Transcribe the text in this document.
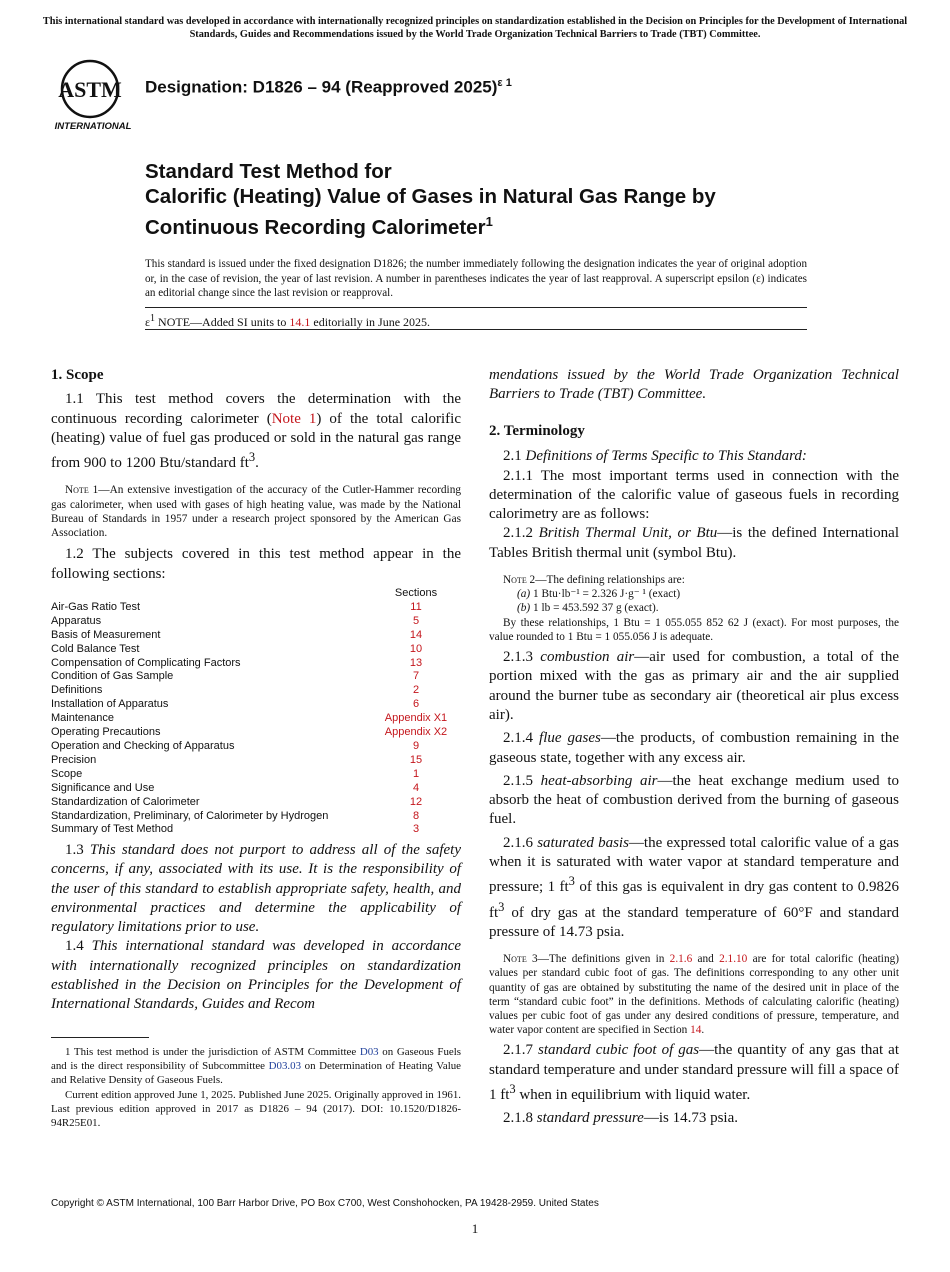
This international standard was developed in accordance with internationally recognized principles on standardization established in the Decision on Principles for the Development of International Standards, Guides and Recommendations issued by the World Trade Organization Technical Barriers to Trade (TBT) Committee.
ASTM
INTERNATIONAL
Designation: D1826 – 94 (Reapproved 2025)$^{\varepsilon 1}$
Standard Test Method for
Calorific (Heating) Value of Gases in Natural Gas Range by
Continuous Recording Calorimeter$^1$
This standard is issued under the fixed designation D1826; the number immediately following the designation indicates the year of original adoption or, in the case of revision, the year of last revision. A number in parentheses indicates the year of last reapproval. A superscript epsilon (ε) indicates an editorial change since the last revision or reapproval.
$\varepsilon^1$ NOTE—Added SI units to 14.1 editorially in June 2025.

1. Scope

1.1 This test method covers the determination with the continuous recording calorimeter (Note 1) of the total calorific (heating) value of fuel gas produced or sold in the natural gas range from 900 to 1200 Btu/standard $ft^3$.

Note 1—An extensive investigation of the accuracy of the Cutler-Hammer recording gas calorimeter, when used with gases of high heating value, was made by the National Bureau of Standards in 1957 under a research project sponsored by the American Gas Association.

1.2 The subjects covered in this test method appear in the following sections:

Sections
Air-Gas Ratio Test	11
Apparatus	5
Basis of Measurement	14
Cold Balance Test	10
Compensation of Complicating Factors	13
Condition of Gas Sample	7
Definitions	2
Installation of Apparatus	6
Maintenance	Appendix X1
Operating Precautions	Appendix X2
Operation and Checking of Apparatus	9
Precision	15
Scope	1
Significance and Use	4
Standardization of Calorimeter	12
Standardization, Preliminary, of Calorimeter by Hydrogen	8
Summary of Test Method	3

1.3 This standard does not purport to address all of the safety concerns, if any, associated with its use. It is the responsibility of the user of this standard to establish appropriate safety, health, and environmental practices and determine the applicability of regulatory limitations prior to use.

1.4 This international standard was developed in accordance with internationally recognized principles on standardization established in the Decision on Principles for the Development of International Standards, Guides and Recom

1 This test method is under the jurisdiction of ASTM Committee D03 on Gaseous Fuels and is the direct responsibility of Subcommittee D03.03 on Determination of Heating Value and Relative Density of Gaseous Fuels.

Current edition approved June 1, 2025. Published June 2025. Originally approved in 1961. Last previous edition approved in 2017 as D1826 – 94 (2017). DOI: 10.1520/D1826-94R25E01.

2. Terminology

2.1 Definitions of Terms Specific to This Standard:

2.1.1 The most important terms used in connection with the determination of the calorific value of gaseous fuels in recording calorimetry are as follows:

2.1.2 British Thermal Unit, or Btu—is the defined International Tables British thermal unit (symbol Btu).

Note 2—The defining relationships are:

(a) 1 Btu·lb⁻¹ = 2.326 J·g⁻ ¹ (exact)

(b) 1 lb = 453.592 37 g (exact).

By these relationships, 1 Btu = 1 055.055 852 62 J (exact). For most purposes, the value rounded to 1 Btu = 1 055.056 J is adequate.

2.1.3 combustion air—air used for combustion, a total of the portion mixed with the gas as primary air and the air supplied around the burner tube as secondary air (theoretical air plus excess air).

2.1.4 flue gases—the products, of combustion remaining in the gaseous state, together with any excess air.

2.1.5 heat-absorbing air—the heat exchange medium used to absorb the heat of combustion derived from the burning of gaseous fuel.

2.1.6 saturated basis—the expressed total calorific value of a gas when it is saturated with water vapor at standard temperature and pressure; 1 $ft^3$ of this gas is equivalent in dry gas content to 0.9826 $ft^3$ of dry gas at the standard temperature of 60°F and standard pressure of 14.73 psia.

Note 3—The definitions given in 2.1.6 and 2.1.10 are for total calorific (heating) values per standard cubic foot of gas. The definitions corresponding to any other unit quantity of gas are obtained by substituting the name of the desired unit in place of the term “standard cubic foot” in the definitions. Methods of calculating calorific (heating) values per cubic foot of gas under any desired conditions of pressure, temperature, and water vapor content are specified in Section 14.

2.1.7 standard cubic foot of gas—the quantity of any gas that at standard temperature and under standard pressure will fill a space of 1 $ft^3$ when in equilibrium with liquid water.

2.1.8 standard pressure—is 14.73 psia.

mendations issued by the World Trade Organization Technical Barriers to Trade (TBT) Committee.

Copyright © ASTM International, 100 Barr Harbor Drive, PO Box C700, West Conshohocken, PA 19428-2959. United States
1
